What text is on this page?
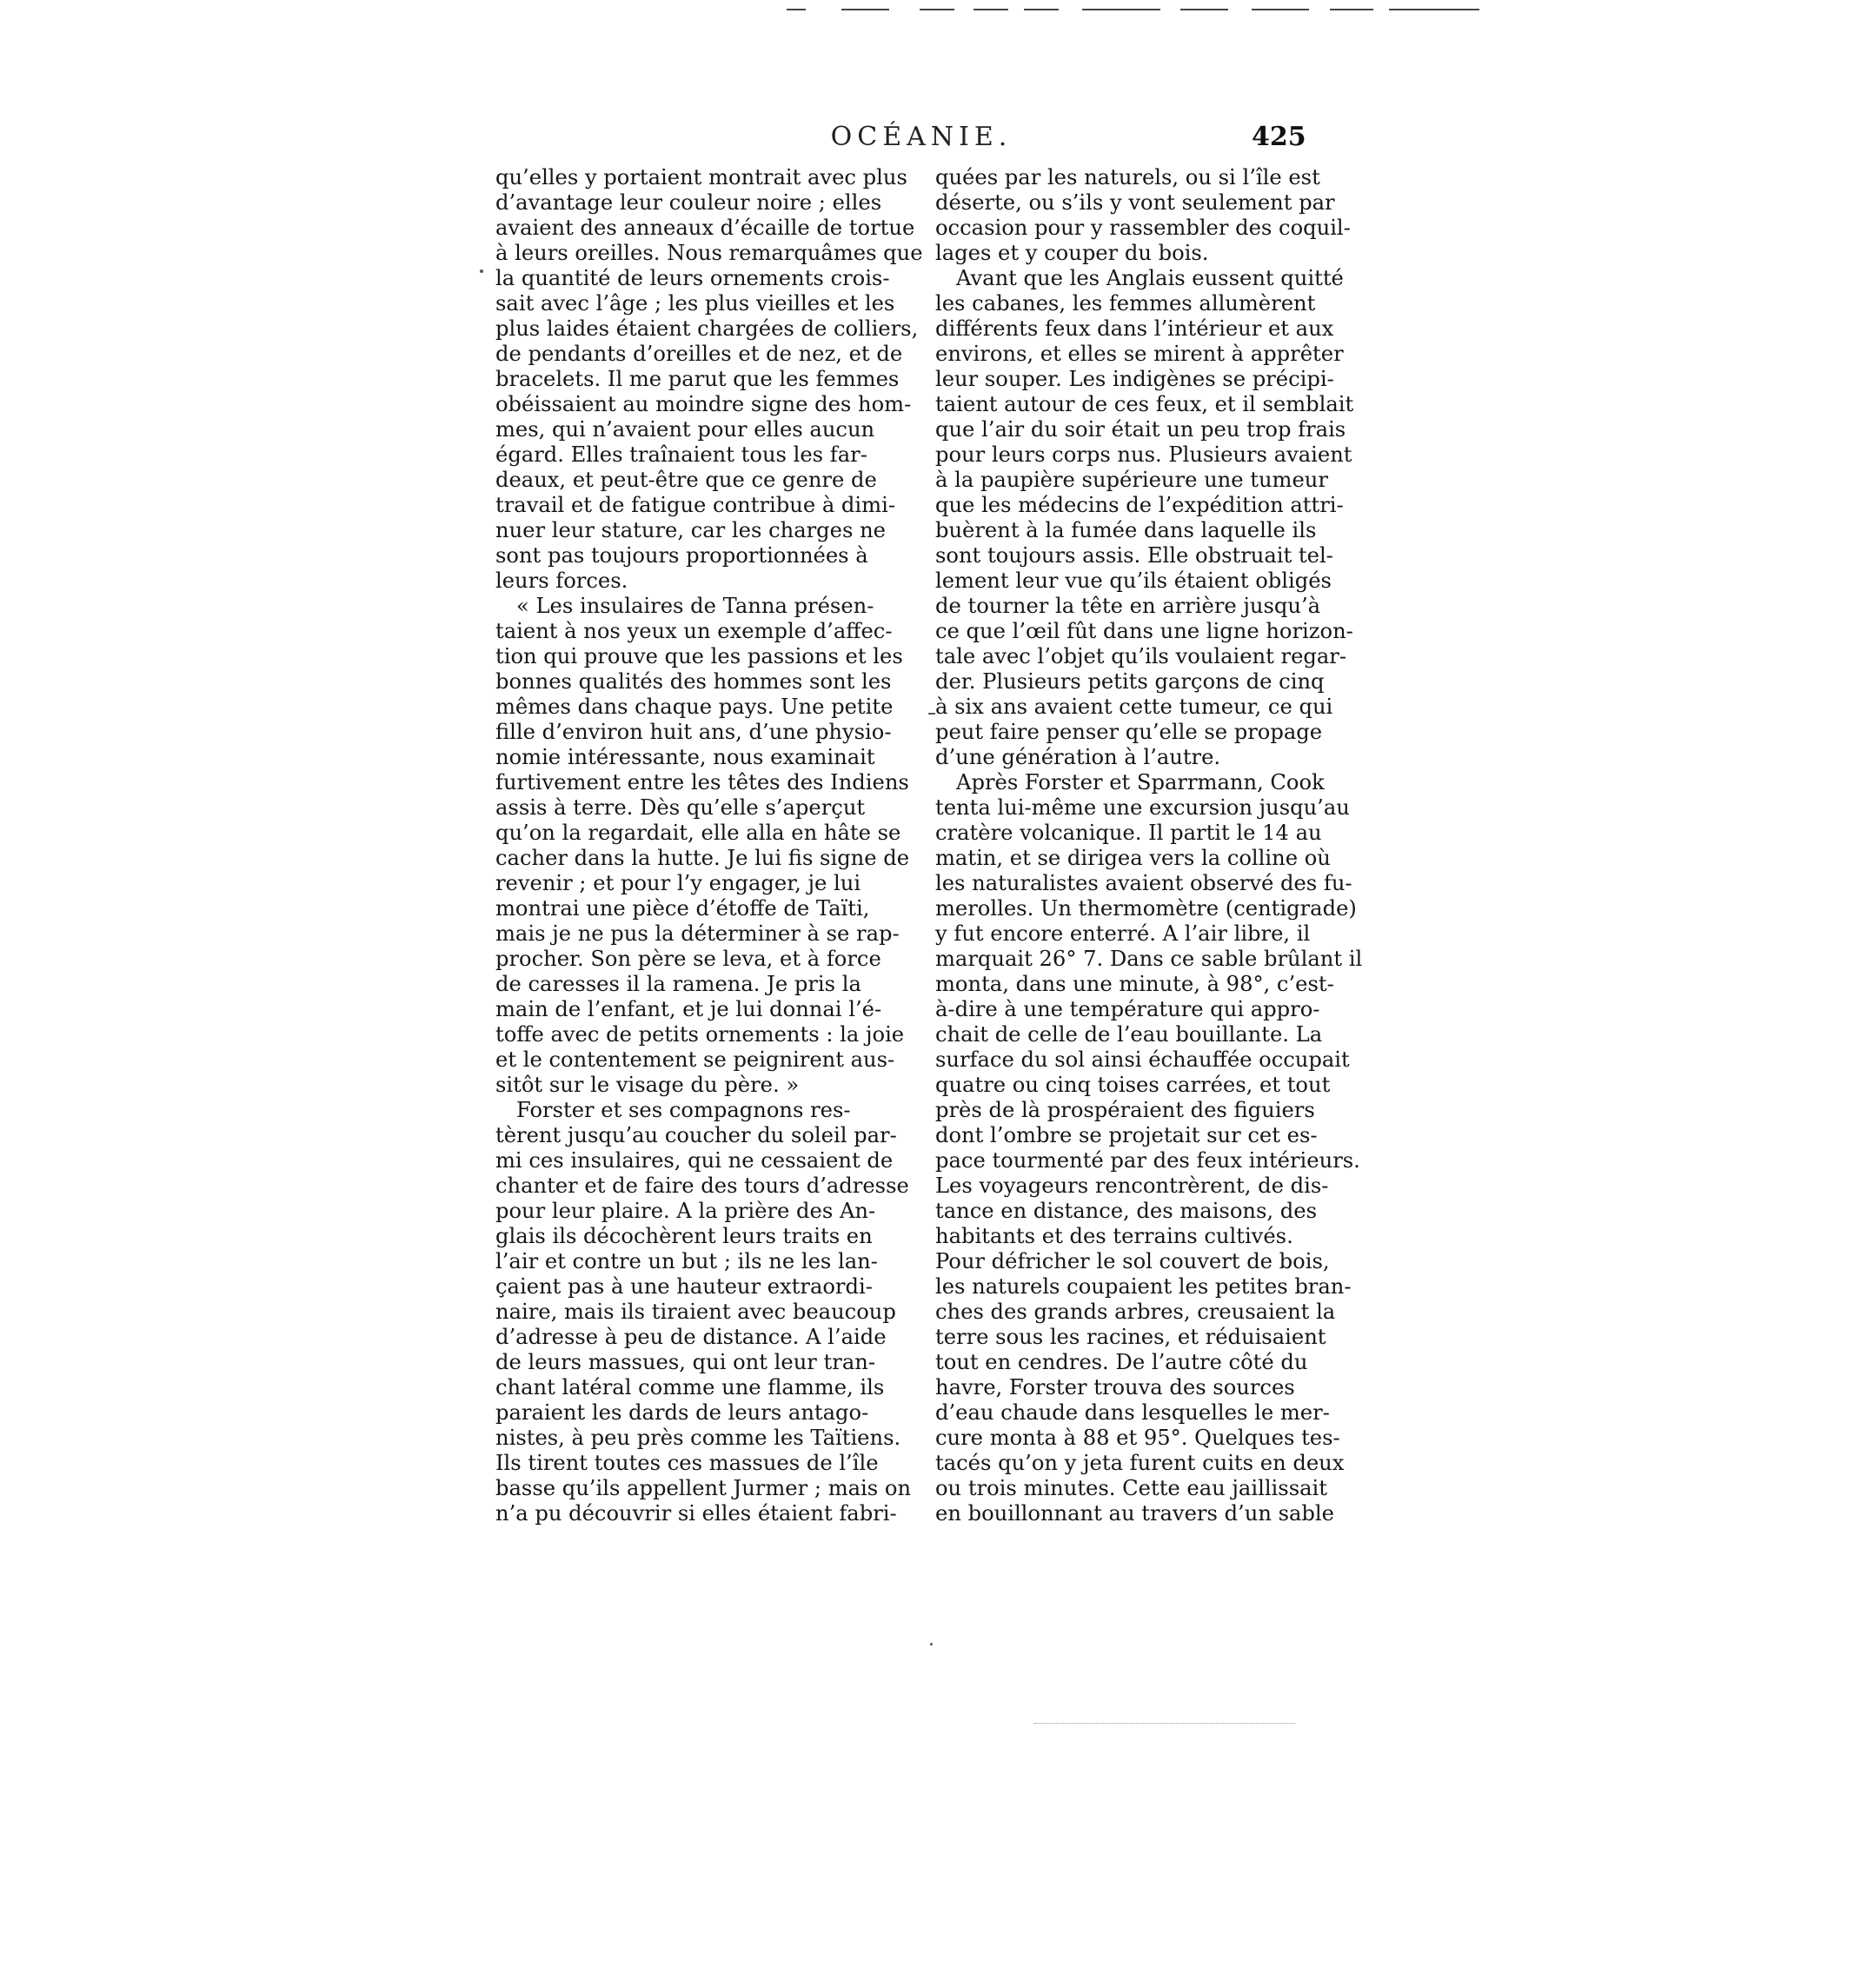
OCÉANIE.	425
qu’elles y portaient montrait avec plus
d’avantage leur couleur noire ; elles
avaient des anneaux d’écaille de tortue
à leurs oreilles. Nous remarquâmes que
la quantité de leurs ornements crois-
sait avec l’âge ; les plus vieilles et les
plus laides étaient chargées de colliers,
de pendants d’oreilles et de nez, et de
bracelets. Il me parut que les femmes
obéissaient au moindre signe des hom-
mes, qui n’avaient pour elles aucun
égard. Elles traînaient tous les far-
deaux, et peut-être que ce genre de
travail et de fatigue contribue à dimi-
nuer leur stature, car les charges ne
sont pas toujours proportionnées à
leurs forces.
« Les insulaires de Tanna présen-
taient à nos yeux un exemple d’affec-
tion qui prouve que les passions et les
bonnes qualités des hommes sont les
mêmes dans chaque pays. Une petite
fille d’environ huit ans, d’une physio-
nomie intéressante, nous examinait
furtivement entre les têtes des Indiens
assis à terre. Dès qu’elle s’aperçut
qu’on la regardait, elle alla en hâte se
cacher dans la hutte. Je lui fis signe de
revenir ; et pour l’y engager, je lui
montrai une pièce d’étoffe de Taïti,
mais je ne pus la déterminer à se rap-
procher. Son père se leva, et à force
de caresses il la ramena. Je pris la
main de l’enfant, et je lui donnai l’é-
toffe avec de petits ornements : la joie
et le contentement se peignirent aus-
sitôt sur le visage du père. »
Forster et ses compagnons res-
tèrent jusqu’au coucher du soleil par-
mi ces insulaires, qui ne cessaient de
chanter et de faire des tours d’adresse
pour leur plaire. A la prière des An-
glais ils décochèrent leurs traits en
l’air et contre un but ; ils ne les lan-
çaient pas à une hauteur extraordi-
naire, mais ils tiraient avec beaucoup
d’adresse à peu de distance. A l’aide
de leurs massues, qui ont leur tran-
chant latéral comme une flamme, ils
paraient les dards de leurs antago-
nistes, à peu près comme les Taïtiens.
Ils tirent toutes ces massues de l’île
basse qu’ils appellent Jurmer ; mais on
n’a pu découvrir si elles étaient fabri-
quées par les naturels, ou si l’île est
déserte, ou s’ils y vont seulement par
occasion pour y rassembler des coquil-
lages et y couper du bois.
Avant que les Anglais eussent quitté
les cabanes, les femmes allumèrent
différents feux dans l’intérieur et aux
environs, et elles se mirent à apprêter
leur souper. Les indigènes se précipi-
taient autour de ces feux, et il semblait
que l’air du soir était un peu trop frais
pour leurs corps nus. Plusieurs avaient
à la paupière supérieure une tumeur
que les médecins de l’expédition attri-
buèrent à la fumée dans laquelle ils
sont toujours assis. Elle obstruait tel-
lement leur vue qu’ils étaient obligés
de tourner la tête en arrière jusqu’à
ce que l’œil fût dans une ligne horizon-
tale avec l’objet qu’ils voulaient regar-
der. Plusieurs petits garçons de cinq
à six ans avaient cette tumeur, ce qui
peut faire penser qu’elle se propage
d’une génération à l’autre.
Après Forster et Sparrmann, Cook
tenta lui-même une excursion jusqu’au
cratère volcanique. Il partit le 14 au
matin, et se dirigea vers la colline où
les naturalistes avaient observé des fu-
merolles. Un thermomètre (centigrade)
y fut encore enterré. A l’air libre, il
marquait 26° 7. Dans ce sable brûlant il
monta, dans une minute, à 98°, c’est-
à-dire à une température qui appro-
chait de celle de l’eau bouillante. La
surface du sol ainsi échauffée occupait
quatre ou cinq toises carrées, et tout
près de là prospéraient des figuiers
dont l’ombre se projetait sur cet es-
pace tourmenté par des feux intérieurs.
Les voyageurs rencontrèrent, de dis-
tance en distance, des maisons, des
habitants et des terrains cultivés.
Pour défricher le sol couvert de bois,
les naturels coupaient les petites bran-
ches des grands arbres, creusaient la
terre sous les racines, et réduisaient
tout en cendres. De l’autre côté du
havre, Forster trouva des sources
d’eau chaude dans lesquelles le mer-
cure monta à 88 et 95°. Quelques tes-
tacés qu’on y jeta furent cuits en deux
ou trois minutes. Cette eau jaillissait
en bouillonnant au travers d’un sable
